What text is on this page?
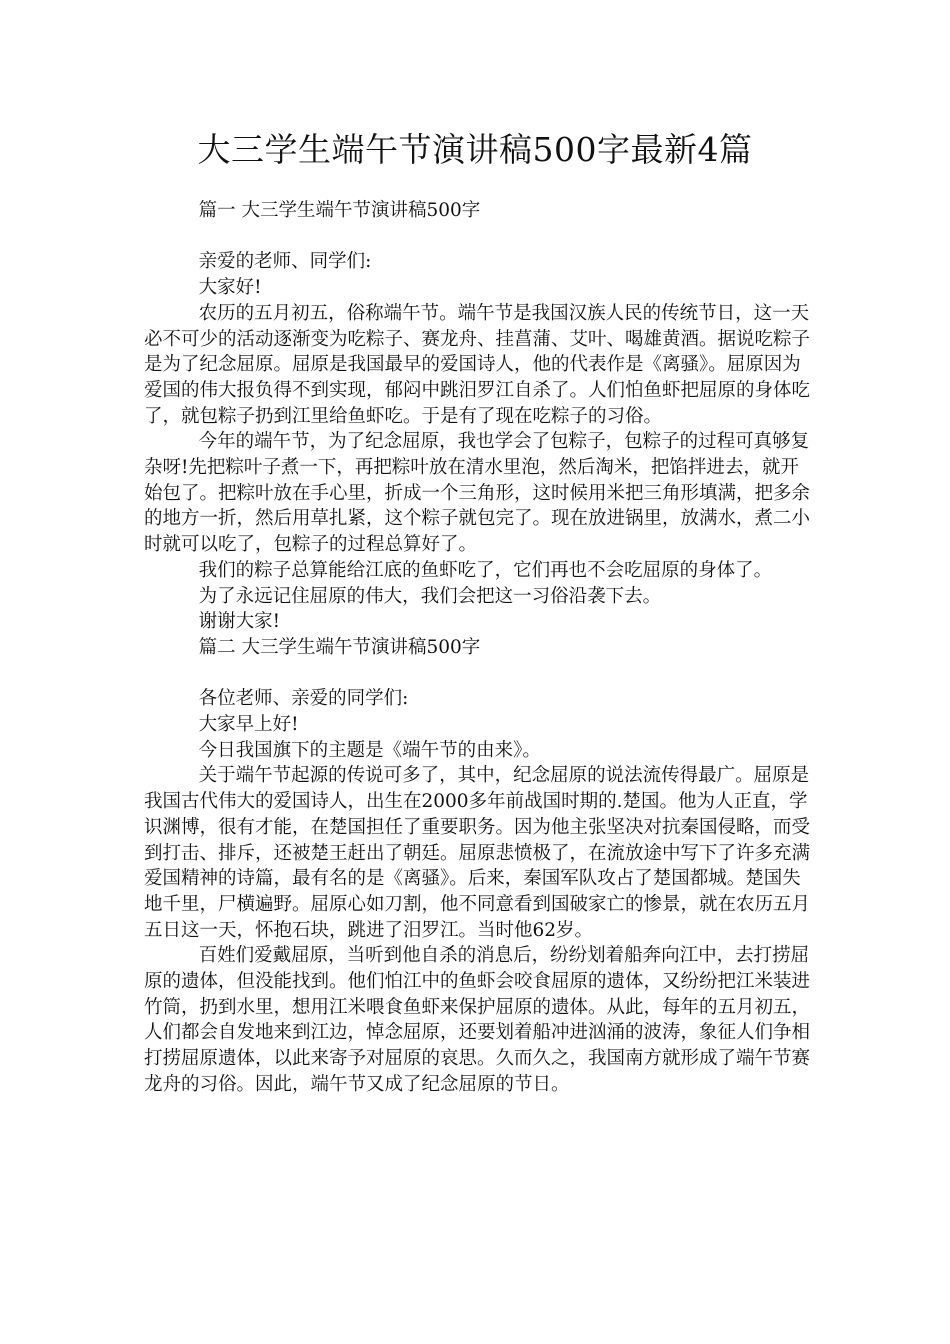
大三学生端午节演讲稿500字最新4篇

篇一 大三学生端午节演讲稿500字

亲爱的老师、同学们:

大家好!

农历的五月初五，俗称端午节。端午节是我国汉族人民的传统节日，这一天必不可少的活动逐渐变为吃粽子、赛龙舟、挂菖蒲、艾叶、喝雄黄酒。据说吃粽子是为了纪念屈原。屈原是我国最早的爱国诗人，他的代表作是《离骚》。屈原因为爱国的伟大报负得不到实现，郁闷中跳汨罗江自杀了。人们怕鱼虾把屈原的身体吃了，就包粽子扔到江里给鱼虾吃。于是有了现在吃粽子的习俗。

今年的端午节，为了纪念屈原，我也学会了包粽子，包粽子的过程可真够复杂呀!先把粽叶子煮一下，再把粽叶放在清水里泡，然后淘米，把馅拌进去，就开始包了。把粽叶放在手心里，折成一个三角形，这时候用米把三角形填满，把多余的地方一折，然后用草扎紧，这个粽子就包完了。现在放进锅里，放满水，煮二小时就可以吃了，包粽子的过程总算好了。

我们的粽子总算能给江底的鱼虾吃了，它们再也不会吃屈原的身体了。

为了永远记住屈原的伟大，我们会把这一习俗沿袭下去。

谢谢大家!

篇二 大三学生端午节演讲稿500字

各位老师、亲爱的同学们:

大家早上好!

今日我国旗下的主题是《端午节的由来》。

关于端午节起源的传说可多了，其中，纪念屈原的说法流传得最广。屈原是我国古代伟大的爱国诗人，出生在2000多年前战国时期的.楚国。他为人正直，学识渊博，很有才能，在楚国担任了重要职务。因为他主张坚决对抗秦国侵略，而受到打击、排斥，还被楚王赶出了朝廷。屈原悲愤极了，在流放途中写下了许多充满爱国精神的诗篇，最有名的是《离骚》。后来，秦国军队攻占了楚国都城。楚国失地千里，尸横遍野。屈原心如刀割，他不同意看到国破家亡的惨景，就在农历五月五日这一天，怀抱石块，跳进了汨罗江。当时他62岁。

百姓们爱戴屈原，当听到他自杀的消息后，纷纷划着船奔向江中，去打捞屈原的遗体，但没能找到。他们怕江中的鱼虾会咬食屈原的遗体，又纷纷把江米装进竹筒，扔到水里，想用江米喂食鱼虾来保护屈原的遗体。从此，每年的五月初五，人们都会自发地来到江边，悼念屈原，还要划着船冲进汹涌的波涛，象征人们争相打捞屈原遗体，以此来寄予对屈原的哀思。久而久之，我国南方就形成了端午节赛龙舟的习俗。因此，端午节又成了纪念屈原的节日。
